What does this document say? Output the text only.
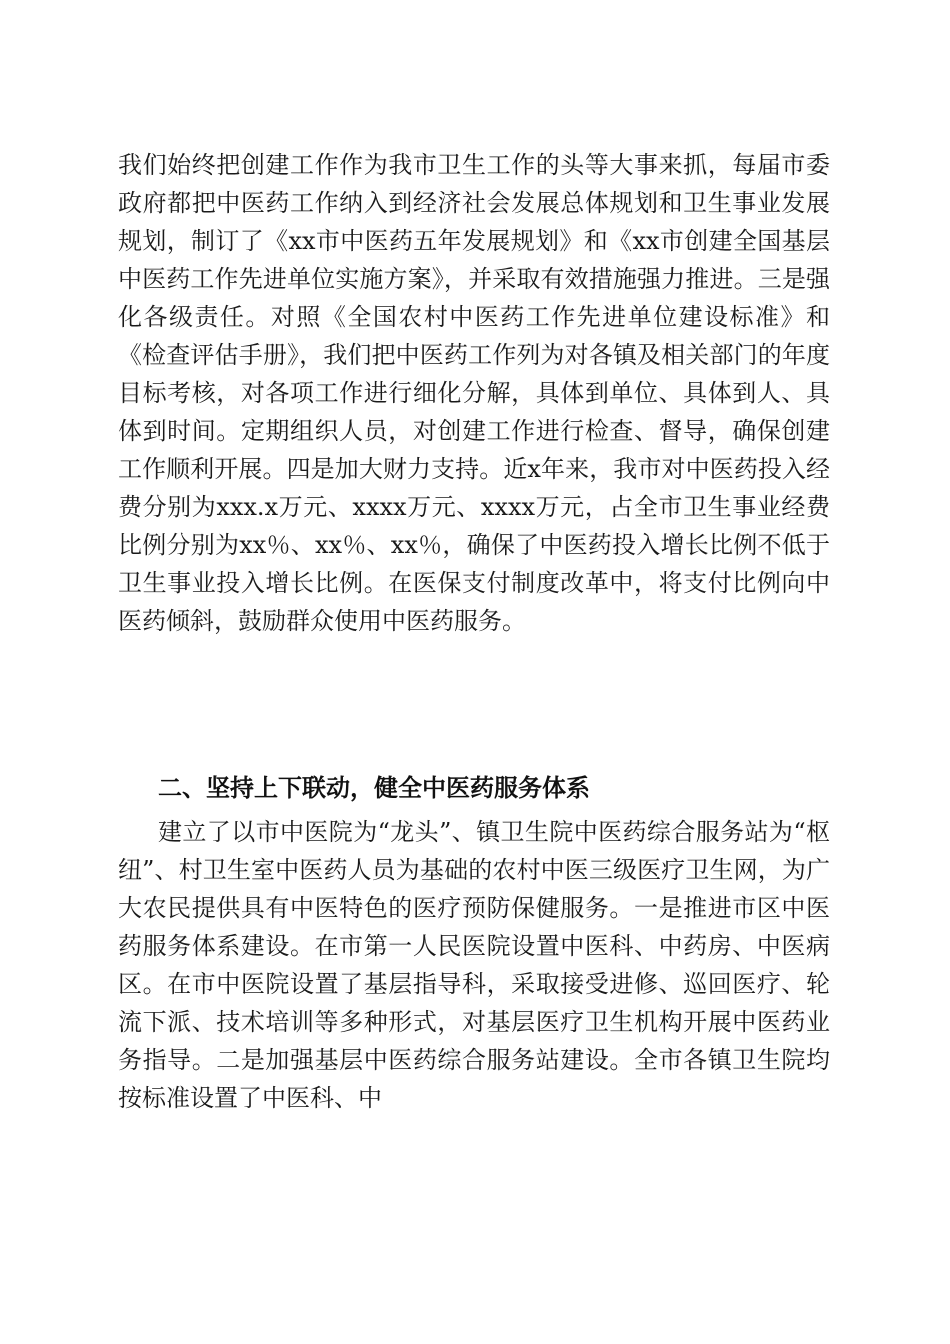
我们始终把创建工作作为我市卫生工作的头等大事来抓，每届市委政府都把中医药工作纳入到经济社会发展总体规划和卫生事业发展规划，制订了《xx市中医药五年发展规划》和《xx市创建全国基层中医药工作先进单位实施方案》，并采取有效措施强力推进。三是强化各级责任。对照《全国农村中医药工作先进单位建设标准》和《检查评估手册》，我们把中医药工作列为对各镇及相关部门的年度目标考核，对各项工作进行细化分解，具体到单位、具体到人、具体到时间。定期组织人员，对创建工作进行检查、督导，确保创建工作顺利开展。四是加大财力支持。近x年来，我市对中医药投入经费分别为xxx.x万元、xxxx万元、xxxx万元，占全市卫生事业经费比例分别为xx％、xx％、xx％，确保了中医药投入增长比例不低于卫生事业投入增长比例。在医保支付制度改革中，将支付比例向中医药倾斜，鼓励群众使用中医药服务。

二、坚持上下联动，健全中医药服务体系

建立了以市中医院为“龙头”、镇卫生院中医药综合服务站为“枢纽”、村卫生室中医药人员为基础的农村中医三级医疗卫生网，为广大农民提供具有中医特色的医疗预防保健服务。一是推进市区中医药服务体系建设。在市第一人民医院设置中医科、中药房、中医病区。在市中医院设置了基层指导科，采取接受进修、巡回医疗、轮流下派、技术培训等多种形式，对基层医疗卫生机构开展中医药业务指导。二是加强基层中医药综合服务站建设。全市各镇卫生院均按标准设置了中医科、中
